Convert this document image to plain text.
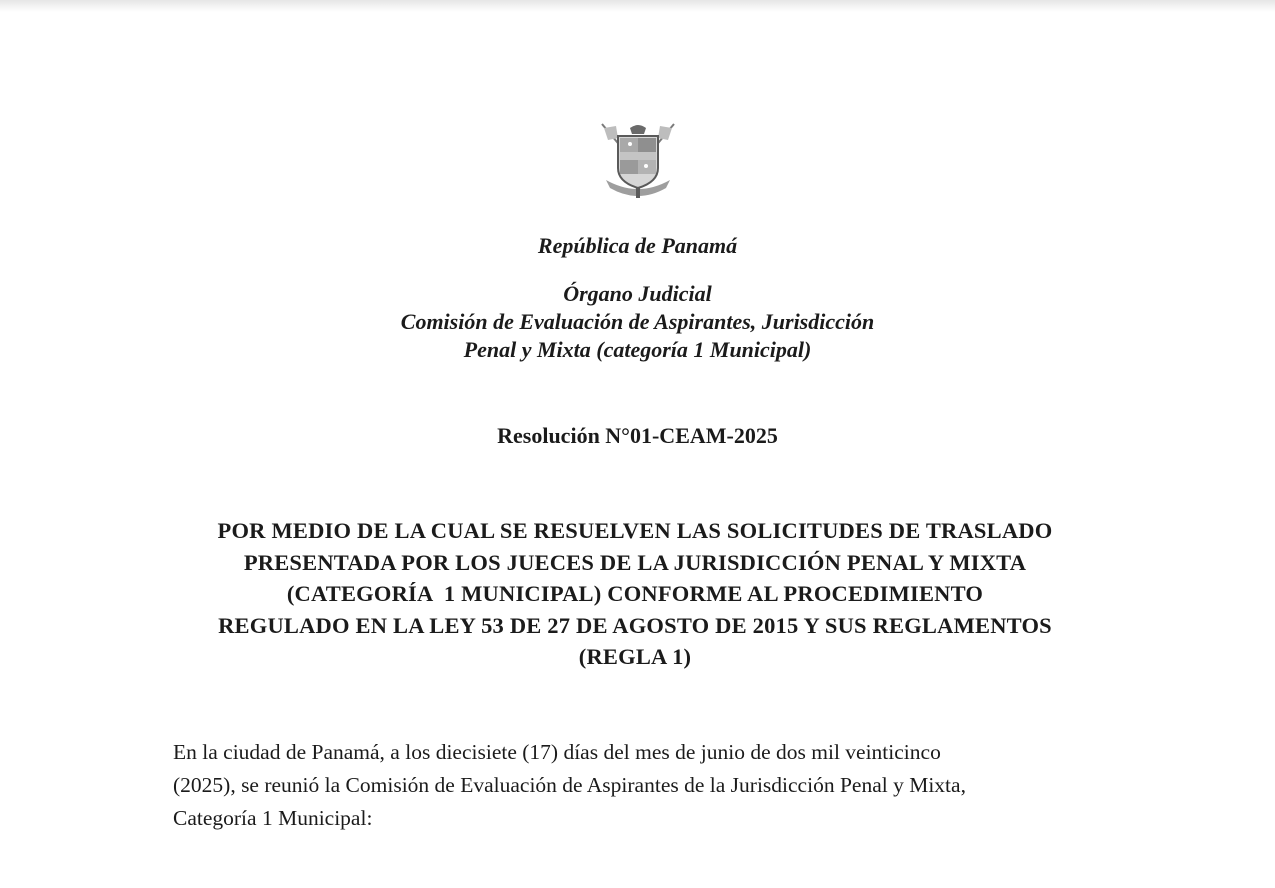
República de Panamá
Órgano Judicial
Comisión de Evaluación de Aspirantes, Jurisdicción
Penal y Mixta (categoría 1 Municipal)
Resolución N°01-CEAM-2025
POR MEDIO DE LA CUAL SE RESUELVEN LAS SOLICITUDES DE TRASLADO
PRESENTADA POR LOS JUECES DE LA JURISDICCIÓN PENAL Y MIXTA
(CATEGORÍA  1 MUNICIPAL) CONFORME AL PROCEDIMIENTO
REGULADO EN LA LEY 53 DE 27 DE AGOSTO DE 2015 Y SUS REGLAMENTOS
(REGLA 1)
En la ciudad de Panamá, a los diecisiete (17) días del mes de junio de dos mil veinticinco
(2025), se reunió la Comisión de Evaluación de Aspirantes de la Jurisdicción Penal y Mixta,
Categoría 1 Municipal:
